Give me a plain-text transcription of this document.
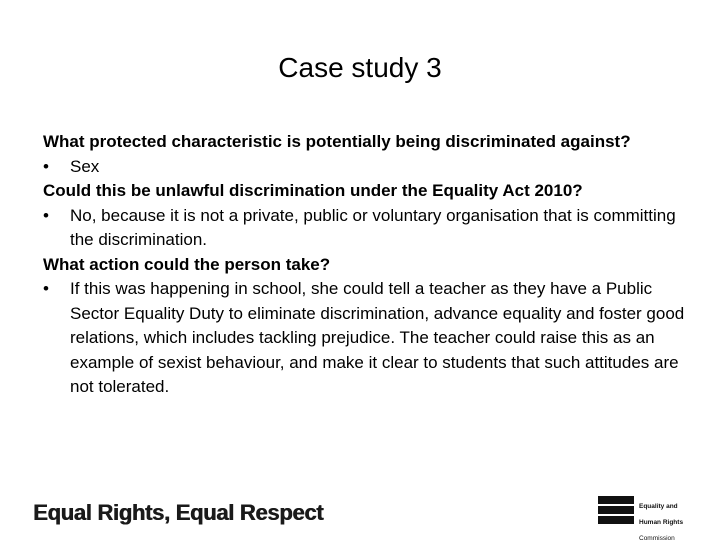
Case study 3

What protected characteristic is potentially being discriminated against?

• Sex

Could this be unlawful discrimination under the Equality Act 2010?

• No, because it is not a private, public or voluntary organisation that is committing the discrimination.

What action could the person take?

• If this was happening in school, she could tell a teacher as they have a Public Sector Equality Duty to eliminate discrimination, advance equality and foster good relations, which includes tackling prejudice. The teacher could raise this as an example of sexist behaviour, and make it clear to students that such attitudes are not tolerated.

Equal Rights, Equal Respect	Equality and

Human Rights

Commission
